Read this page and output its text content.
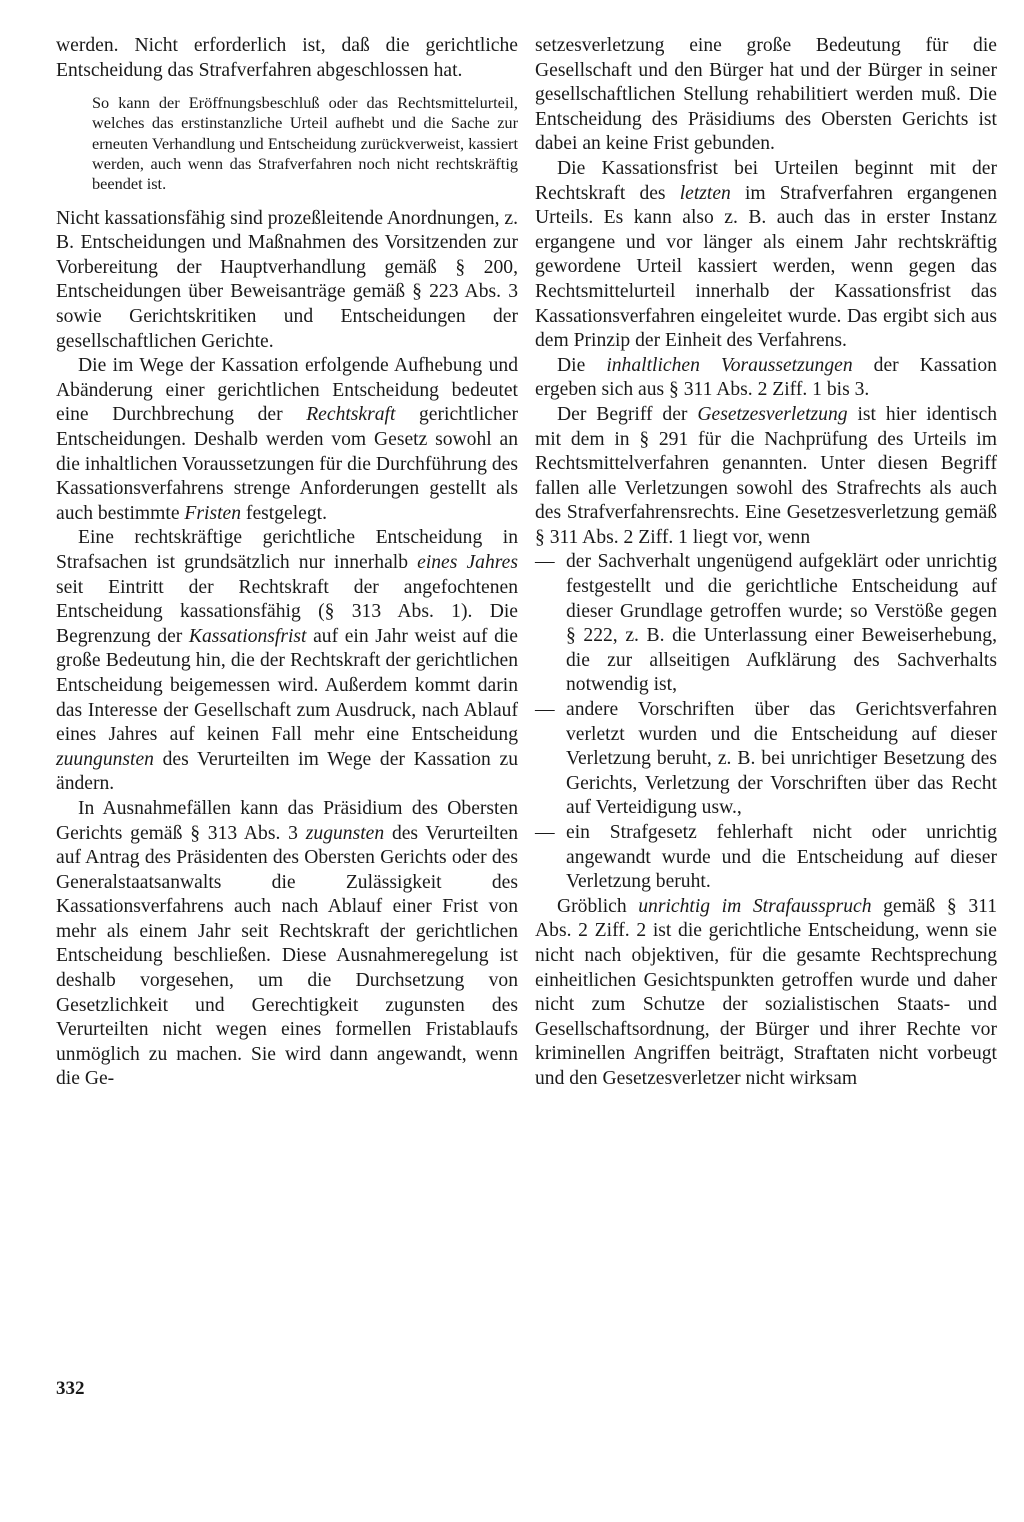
werden. Nicht erforderlich ist, daß die gerichtliche Entscheidung das Strafverfahren abgeschlossen hat.

So kann der Eröffnungsbeschluß oder das Rechtsmittelurteil, welches das erstinstanzliche Urteil aufhebt und die Sache zur erneuten Verhandlung und Entscheidung zurückverweist, kassiert werden, auch wenn das Strafverfahren noch nicht rechtskräftig beendet ist.

Nicht kassationsfähig sind prozeßleitende Anordnungen, z. B. Entscheidungen und Maßnahmen des Vorsitzenden zur Vorbereitung der Hauptverhandlung gemäß § 200, Entscheidungen über Beweisanträge gemäß § 223 Abs. 3 sowie Gerichtskritiken und Entscheidungen der gesellschaftlichen Gerichte.

Die im Wege der Kassation erfolgende Aufhebung und Abänderung einer gerichtlichen Entscheidung bedeutet eine Durchbrechung der Rechtskraft gerichtlicher Entscheidungen. Deshalb werden vom Gesetz sowohl an die inhaltlichen Voraussetzungen für die Durchführung des Kassationsverfahrens strenge Anforderungen gestellt als auch bestimmte Fristen festgelegt.

Eine rechtskräftige gerichtliche Entscheidung in Strafsachen ist grundsätzlich nur innerhalb eines Jahres seit Eintritt der Rechtskraft der angefochtenen Entscheidung kassationsfähig (§ 313 Abs. 1). Die Begrenzung der Kassationsfrist auf ein Jahr weist auf die große Bedeutung hin, die der Rechtskraft der gerichtlichen Entscheidung beigemessen wird. Außerdem kommt darin das Interesse der Gesellschaft zum Ausdruck, nach Ablauf eines Jahres auf keinen Fall mehr eine Entscheidung zuungunsten des Verurteilten im Wege der Kassation zu ändern.

In Ausnahmefällen kann das Präsidium des Obersten Gerichts gemäß § 313 Abs. 3 zugunsten des Verurteilten auf Antrag des Präsidenten des Obersten Gerichts oder des Generalstaatsanwalts die Zulässigkeit des Kassationsverfahrens auch nach Ablauf einer Frist von mehr als einem Jahr seit Rechtskraft der gerichtlichen Entscheidung beschließen. Diese Ausnahmeregelung ist deshalb vorgesehen, um die Durchsetzung von Gesetzlichkeit und Gerechtigkeit zugunsten des Verurteilten nicht wegen eines formellen Fristablaufs unmöglich zu machen. Sie wird dann angewandt, wenn die Ge-

setzesverletzung eine große Bedeutung für die Gesellschaft und den Bürger hat und der Bürger in seiner gesellschaftlichen Stellung rehabilitiert werden muß. Die Entscheidung des Präsidiums des Obersten Gerichts ist dabei an keine Frist gebunden.

Die Kassationsfrist bei Urteilen beginnt mit der Rechtskraft des letzten im Strafverfahren ergangenen Urteils. Es kann also z. B. auch das in erster Instanz ergangene und vor länger als einem Jahr rechtskräftig gewordene Urteil kassiert werden, wenn gegen das Rechtsmittelurteil innerhalb der Kassationsfrist das Kassationsverfahren eingeleitet wurde. Das ergibt sich aus dem Prinzip der Einheit des Verfahrens.

Die inhaltlichen Voraussetzungen der Kassation ergeben sich aus § 311 Abs. 2 Ziff. 1 bis 3.

Der Begriff der Gesetzesverletzung ist hier identisch mit dem in § 291 für die Nachprüfung des Urteils im Rechtsmittelverfahren genannten. Unter diesen Begriff fallen alle Verletzungen sowohl des Strafrechts als auch des Strafverfahrensrechts. Eine Gesetzesverletzung gemäß § 311 Abs. 2 Ziff. 1 liegt vor, wenn

— der Sachverhalt ungenügend aufgeklärt oder unrichtig festgestellt und die gerichtliche Entscheidung auf dieser Grundlage getroffen wurde; so Verstöße gegen § 222, z. B. die Unterlassung einer Beweiserhebung, die zur allseitigen Aufklärung des Sachverhalts notwendig ist,
— andere Vorschriften über das Gerichtsverfahren verletzt wurden und die Entscheidung auf dieser Verletzung beruht, z. B. bei unrichtiger Besetzung des Gerichts, Verletzung der Vorschriften über das Recht auf Verteidigung usw.,
— ein Strafgesetz fehlerhaft nicht oder unrichtig angewandt wurde und die Entscheidung auf dieser Verletzung beruht.

Gröblich unrichtig im Strafausspruch gemäß § 311 Abs. 2 Ziff. 2 ist die gerichtliche Entscheidung, wenn sie nicht nach objektiven, für die gesamte Rechtsprechung einheitlichen Gesichtspunkten getroffen wurde und daher nicht zum Schutze der sozialistischen Staats- und Gesellschaftsordnung, der Bürger und ihrer Rechte vor kriminellen Angriffen beiträgt, Straftaten nicht vorbeugt und den Gesetzesverletzer nicht wirksam

332
